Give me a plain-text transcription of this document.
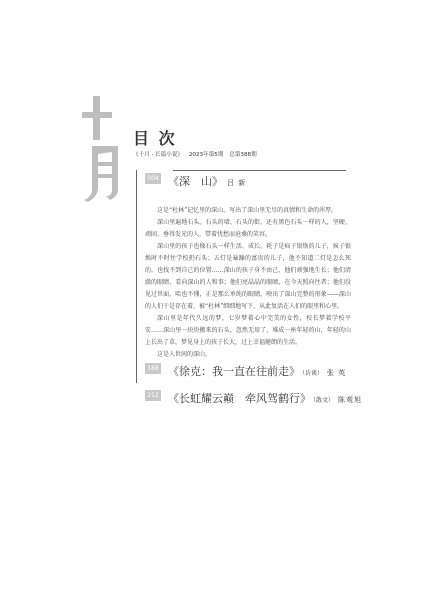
目 次
《十月 · 长篇小说》 2023年第5期 总第388期
004 《深　山》 吕 新

这是“杜林”记忆里的深山，写出了深山里无尽的真情和生命的浑厚。

深山里遍地石头。石头的墙、石头的街，还有黑色石头一样的人，坚硬、顽固、垂得发光的人，带着忧愁而沧桑的笑容。

深山里的孩子也像石头一样生活、成长。耗子是疯子银焕的儿子，疯子银焕时不时往学校扔石头；五灯是暴躁的富贵的儿子，他不知道二灯是怎么死的，也找不到自己的位置……深山的孩子身不由己，他们顽强地生长；他们清澈的眼睛，看向深山的人和事；他们亮晶晶的眼睛，在今天照向往者；他们没见过世面，哈也不懂，正是那么单纯的眼睛，映出了深山完整的形象——深山的人们于是存在着，被“杜林”细细地写下，从此复活在人们的眼里和心里。

深山里是年代久远的梦，七岁梦着心中完美的女性，校长梦着学校平安……深山里一块块搬来的石头，忽然无用了，堆成一座年轻的山，年轻的山上长出了草，梦见身上的孩子长大，过上幸福健朗的生活。

这是人世间的深山。

188 《徐克：我一直在往前走》 （访谈） 张 英
212 《长虹耀云巅　牵风驾鹤行》 （散文） 陈观旭
